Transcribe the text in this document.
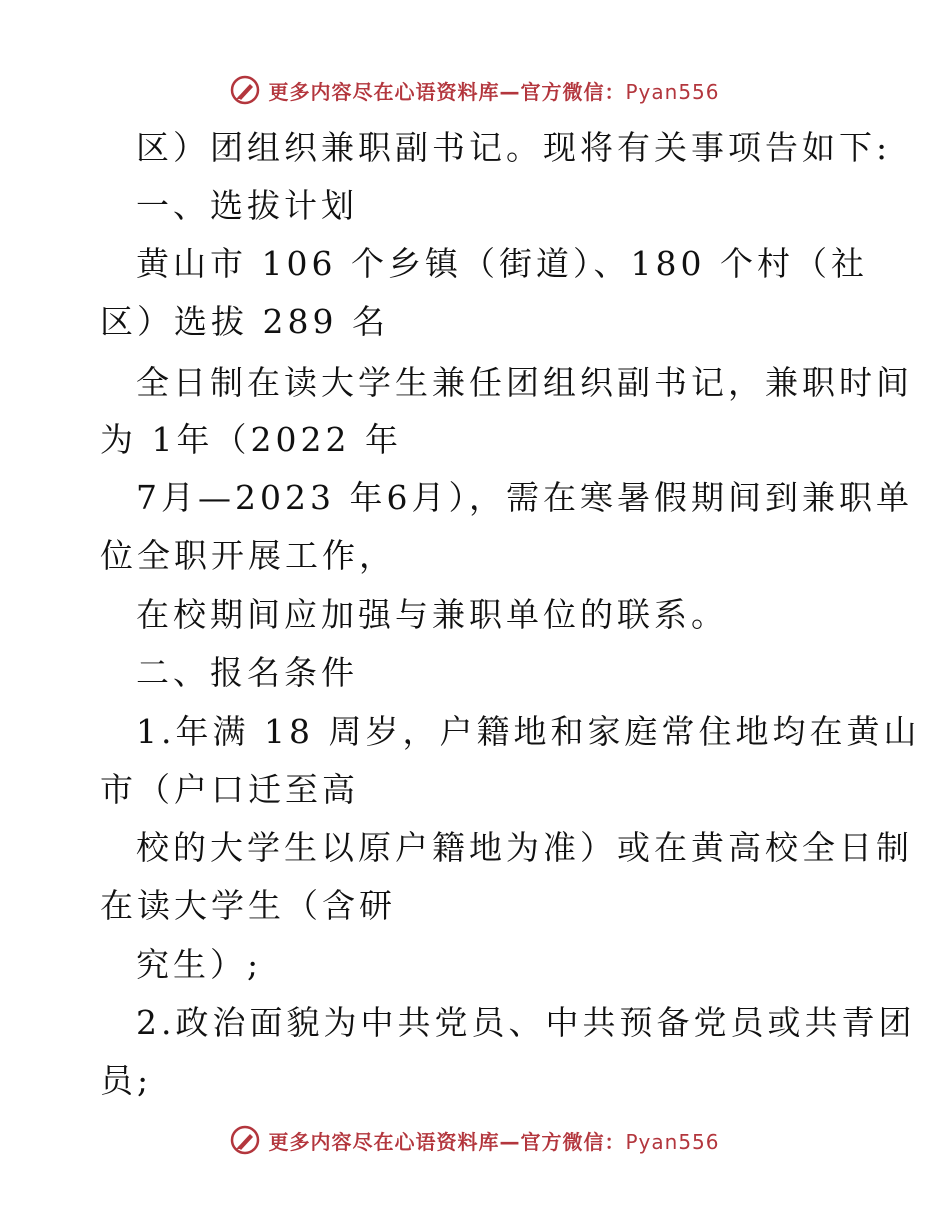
更多内容尽在心语资料库—官方微信：Pyan556
区）团组织兼职副书记。现将有关事项告如下:
一、选拔计划
黄山市 106 个乡镇（街道）、180 个村（社
区）选拔 289 名
全日制在读大学生兼任团组织副书记，兼职时间
为 1年（2022 年
7月—2023 年6月），需在寒暑假期间到兼职单
位全职开展工作，
在校期间应加强与兼职单位的联系。
二、报名条件
1.年满 18 周岁，户籍地和家庭常住地均在黄山
市（户口迁至高
校的大学生以原户籍地为准）或在黄高校全日制
在读大学生（含研
究生）;
2.政治面貌为中共党员、中共预备党员或共青团
员;
更多内容尽在心语资料库—官方微信：Pyan556
